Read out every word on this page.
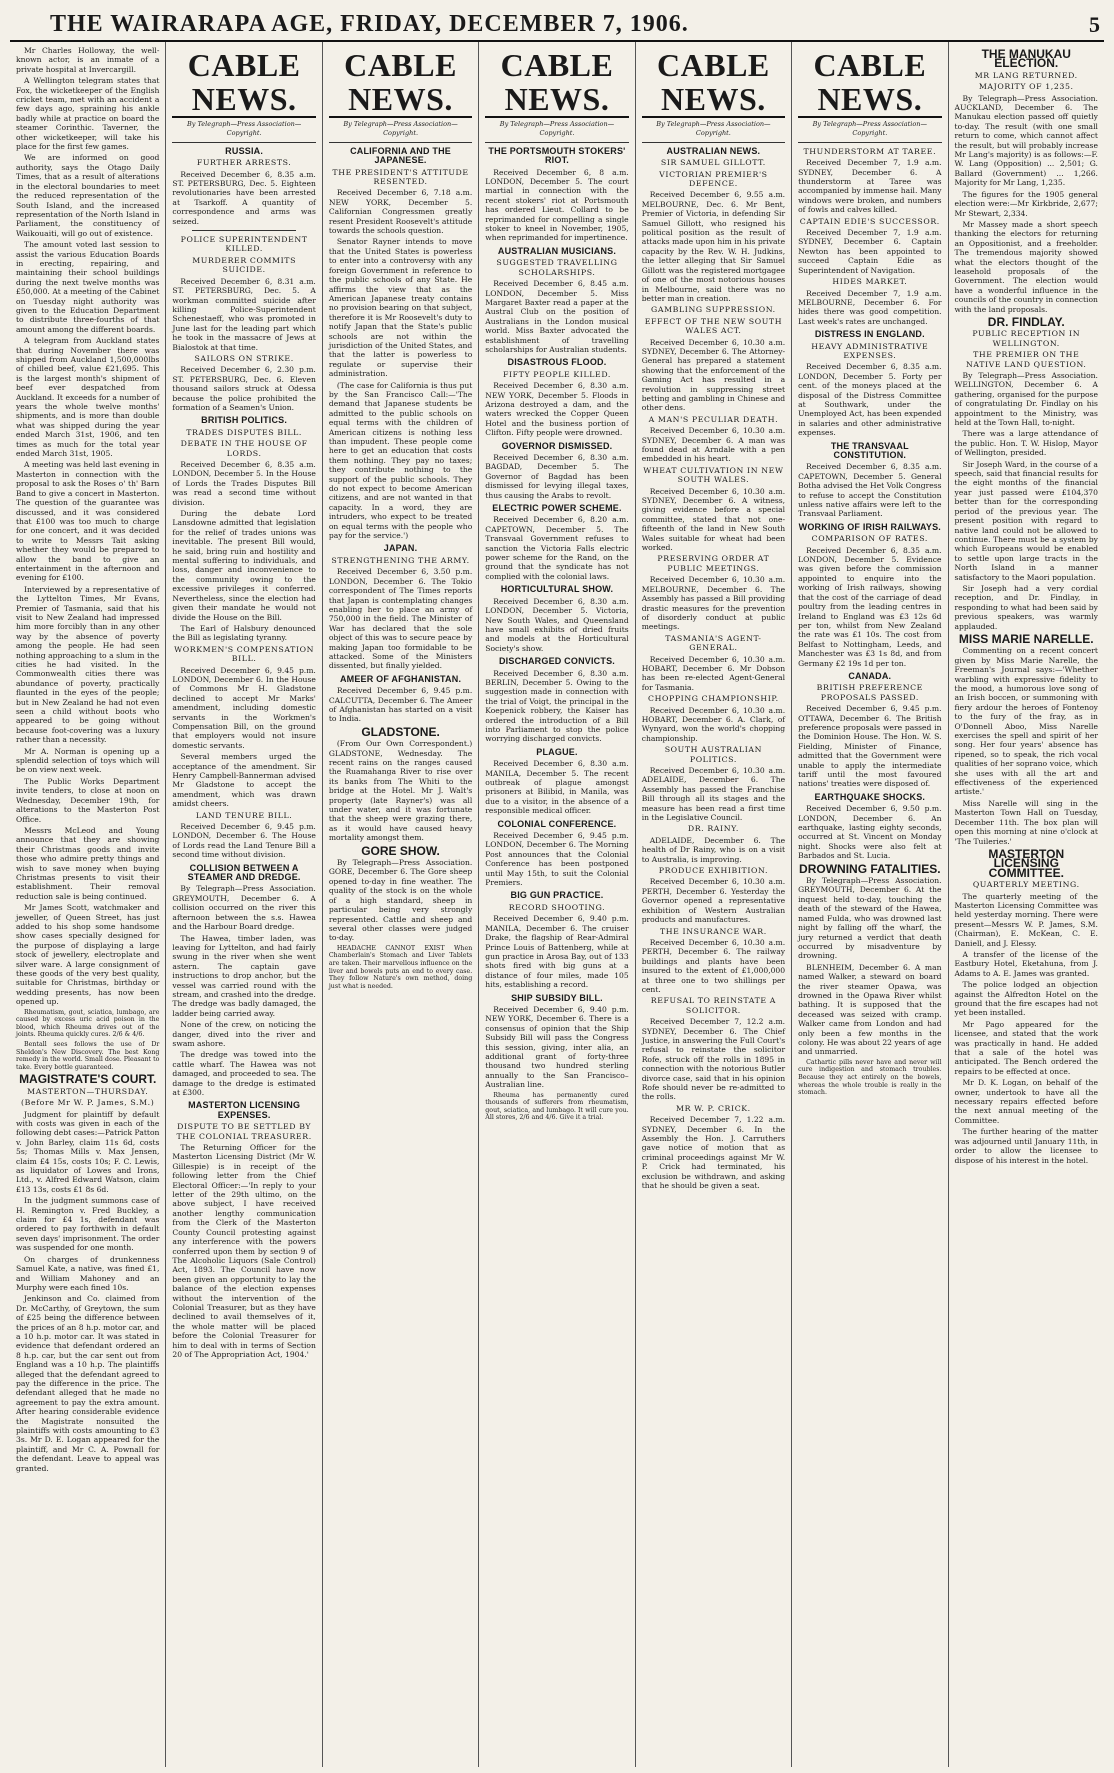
THE WAIRARAPA AGE, FRIDAY, DECEMBER 7, 1906.	5

Mr Charles Holloway, the well-known actor, is an inmate of a private hospital at Invercargill.

A Wellington telegram states that Fox, the wicketkeeper of the English cricket team, met with an accident a few days ago, spraining his ankle badly while at practice on board the steamer Corinthic. Taverner, the other wicketkeeper, will take his place for the first few games.

We are informed on good authority, says the Otago Daily Times, that as a result of alterations in the electoral boundaries to meet the reduced representation of the South Island, and the increased representation of the North Island in Parliament, the constituency of Waikouaiti, will go out of existence.

The amount voted last session to assist the various Education Boards in erecting, repairing, and maintaining their school buildings during the next twelve months was £50,000. At a meeting of the Cabinet on Tuesday night authority was given to the Education Department to distribute three-fourths of that amount among the different boards.

A telegram from Auckland states that during November there was shipped from Auckland 1,500,000lbs of chilled beef, value £21,695. This is the largest month's shipment of beef ever despatched from Auckland. It exceeds for a number of years the whole twelve months' shipments, and is more than double what was shipped during the year ended March 31st, 1906, and ten times as much for the total year ended March 31st, 1905.

A meeting was held last evening in Masterton in connection with the proposal to ask the Roses o' th' Barn Band to give a concert in Masterton. The question of the guarantee was discussed, and it was considered that £100 was too much to charge for one concert, and it was decided to write to Messrs Tait asking whether they would be prepared to allow the band to give an entertainment in the afternoon and evening for £100.

Interviewed by a representative of the Lyttelton Times, Mr Evans, Premier of Tasmania, said that his visit to New Zealand had impressed him more forcibly than in any other way by the absence of poverty among the people. He had seen nothing approaching to a slum in the cities he had visited. In the Commonwealth cities there was abundance of poverty, practically flaunted in the eyes of the people; but in New Zealand he had not even seen a child without boots who appeared to be going without because foot-covering was a luxury rather than a necessity.

Mr A. Norman is opening up a splendid selection of toys which will be on view next week.

The Public Works Department invite tenders, to close at noon on Wednesday, December 19th, for alterations to the Masterton Post Office.

Messrs McLeod and Young announce that they are showing their Christmas goods and invite those who admire pretty things and wish to save money when buying Christmas presents to visit their establishment. Their removal reduction sale is being continued.

Mr James Scott, watchmaker and jeweller, of Queen Street, has just added to his shop some handsome show cases specially designed for the purpose of displaying a large stock of jewellery, electroplate and silver ware. A large consignment of these goods of the very best quality, suitable for Christmas, birthday or wedding presents, has now been opened up.

Rheumatism, gout, sciatica, lumbago, are caused by excess uric acid poison in the blood, which Rheuma drives out of the joints. Rheuma quickly cures. 2/6 & 4/6.

Bentall sees follows the use of Dr Sheldon's New Discovery. The best Kong remedy in the world. Small dose. Pleasant to take. Every bottle guaranteed.

MAGISTRATE'S COURT.
MASTERTON—THURSDAY.
(Before Mr W. P. James, S.M.)

Judgment for plaintiff by default with costs was given in each of the following debt cases:—Patrick Patton v. John Barley, claim 11s 6d, costs 5s; Thomas Mills v. Max Jensen, claim £4 15s, costs 10s; F. C. Lewis, as liquidator of Lowes and Irons, Ltd., v. Alfred Edward Watson, claim £13 13s, costs £1 8s 6d.

In the judgment summons case of H. Remington v. Fred Buckley, a claim for £4 1s, defendant was ordered to pay forthwith in default seven days' imprisonment. The order was suspended for one month.

On charges of drunkenness Samuel Kate, a native, was fined £1, and William Mahoney and an Murphy were each fined 10s.

Jenkinson and Co. claimed from Dr. McCarthy, of Greytown, the sum of £25 being the difference between the prices of an 8 h.p. motor car, and a 10 h.p. motor car. It was stated in evidence that defendant ordered an 8 h.p. car, but the car sent out from England was a 10 h.p. The plaintiffs alleged that the defendant agreed to pay the difference in the price. The defendant alleged that he made no agreement to pay the extra amount. After hearing considerable evidence the Magistrate nonsuited the plaintiffs with costs amounting to £3 3s. Mr D. E. Logan appeared for the plaintiff, and Mr C. A. Pownall for the defendant. Leave to appeal was granted.

CABLE NEWS.
By Telegraph—Press Association—Copyright.
RUSSIA.
FURTHER ARRESTS.

Received December 6, 8.35 a.m. ST. PETERSBURG, Dec. 5. Eighteen revolutionaries have been arrested at Tsarkoff. A quantity of correspondence and arms was seized.

POLICE SUPERINTENDENT KILLED.
MURDERER COMMITS SUICIDE.

Received December 6, 8.31 a.m. ST. PETERSBURG, Dec. 5. A workman committed suicide after killing Police-Superintendent Schenestaeff, who was promoted in June last for the leading part which he took in the massacre of Jews at Bialostok at that time.

SAILORS ON STRIKE.

Received December 6, 2.30 p.m. ST. PETERSBURG, Dec. 6. Eleven thousand sailors struck at Odessa because the police prohibited the formation of a Seamen's Union.

BRITISH POLITICS.
TRADES DISPUTES BILL.
DEBATE IN THE HOUSE OF LORDS.

Received December 6, 8.35 a.m. LONDON, December 5. In the House of Lords the Trades Disputes Bill was read a second time without division.

During the debate Lord Lansdowne admitted that legislation for the relief of trades unions was inevitable. The present Bill would, he said, bring ruin and hostility and mental suffering to individuals, and loss, danger and inconvenience to the community owing to the excessive privileges it conferred. Nevertheless, since the election had given their mandate he would not divide the House on the Bill.

The Earl of Halsbury denounced the Bill as legislating tyranny.

WORKMEN'S COMPENSATION BILL.

Received December 6, 9.45 p.m. LONDON, December 6. In the House of Commons Mr H. Gladstone declined to accept Mr Marks' amendment, including domestic servants in the Workmen's Compensation Bill, on the ground that employers would not insure domestic servants.

Several members urged the acceptance of the amendment. Sir Henry Campbell-Bannerman advised Mr Gladstone to accept the amendment, which was drawn amidst cheers.

LAND TENURE BILL.

Received December 6, 9.45 p.m. LONDON, December 6. The House of Lords read the Land Tenure Bill a second time without division.

COLLISION BETWEEN A STEAMER AND DREDGE.

By Telegraph—Press Association. GREYMOUTH, December 6. A collision occurred on the river this afternoon between the s.s. Hawea and the Harbour Board dredge.

The Hawea, timber laden, was leaving for Lyttelton, and had fairly swung in the river when she went astern. The captain gave instructions to drop anchor, but the vessel was carried round with the stream, and crashed into the dredge. The dredge was badly damaged, the ladder being carried away.

None of the crew, on noticing the danger, dived into the river and swam ashore.

The dredge was towed into the cattle wharf. The Hawea was not damaged, and proceeded to sea. The damage to the dredge is estimated at £300.

MASTERTON LICENSING EXPENSES.
DISPUTE TO BE SETTLED BY THE COLONIAL TREASURER.

The Returning Officer for the Masterton Licensing District (Mr W. Gillespie) is in receipt of the following letter from the Chief Electoral Officer:—'In reply to your letter of the 29th ultimo, on the above subject, I have received another lengthy communication from the Clerk of the Masterton County Council protesting against any interference with the powers conferred upon them by section 9 of The Alcoholic Liquors (Sale Control) Act, 1893. The Council have now been given an opportunity to lay the balance of the election expenses without the intervention of the Colonial Treasurer, but as they have declined to avail themselves of it, the whole matter will be placed before the Colonial Treasurer for him to deal with in terms of Section 20 of The Appropriation Act, 1904.'

CABLE NEWS.
By Telegraph—Press Association—Copyright.
CALIFORNIA AND THE JAPANESE.
THE PRESIDENT'S ATTITUDE RESENTED.

Received December 6, 7.18 a.m. NEW YORK, December 5. Californian Congressmen greatly resent President Roosevelt's attitude towards the schools question.

Senator Rayner intends to move that the United States is powerless to enter into a controversy with any foreign Government in reference to the public schools of any State. He affirms the view that as the American Japanese treaty contains no provision bearing on that subject, therefore it is Mr Roosevelt's duty to notify Japan that the State's public schools are not within the jurisdiction of the United States, and that the latter is powerless to regulate or supervise their administration.

(The case for California is thus put by the San Francisco Call:—'The demand that Japanese students be admitted to the public schools on equal terms with the children of American citizens is nothing less than impudent. These people come here to get an education that costs them nothing. They pay no taxes; they contribute nothing to the support of the public schools. They do not expect to become American citizens, and are not wanted in that capacity. In a word, they are intruders, who expect to be treated on equal terms with the people who pay for the service.')

JAPAN.
STRENGTHENING THE ARMY.

Received December 6, 3.50 p.m. LONDON, December 6. The Tokio correspondent of The Times reports that Japan is contemplating changes enabling her to place an army of 750,000 in the field. The Minister of War has declared that the sole object of this was to secure peace by making Japan too formidable to be attacked. Some of the Ministers dissented, but finally yielded.

AMEER OF AFGHANISTAN.

Received December 6, 9.45 p.m. CALCUTTA, December 6. The Ameer of Afghanistan has started on a visit to India.

GLADSTONE.

(From Our Own Correspondent.) GLADSTONE, Wednesday. The recent rains on the ranges caused the Ruamahanga River to rise over its banks from The Whiti to the bridge at the Hotel. Mr J. Walt's property (late Rayner's) was all under water, and it was fortunate that the sheep were grazing there, as it would have caused heavy mortality amongst them.

GORE SHOW.

By Telegraph—Press Association. GORE, December 6. The Gore sheep opened to-day in fine weather. The quality of the stock is on the whole of a high standard, sheep in particular being very strongly represented. Cattle and sheep and several other classes were judged to-day.

HEADACHE CANNOT EXIST When Chamberlain's Stomach and Liver Tablets are taken. Their marvellous influence on the liver and bowels puts an end to every case. They follow Nature's own method, doing just what is needed.

CABLE NEWS.
By Telegraph—Press Association—Copyright.
THE PORTSMOUTH STOKERS' RIOT.

Received December 6, 8 a.m. LONDON, December 5. The court martial in connection with the recent stokers' riot at Portsmouth has ordered Lieut. Collard to be reprimanded for compelling a single stoker to kneel in November, 1905, when reprimanded for impertinence.

AUSTRALIAN MUSICIANS.
SUGGESTED TRAVELLING SCHOLARSHIPS.

Received December 6, 8.45 a.m. LONDON, December 5. Miss Margaret Baxter read a paper at the Austral Club on the position of Australians in the London musical world. Miss Baxter advocated the establishment of travelling scholarships for Australian students.

DISASTROUS FLOOD.
FIFTY PEOPLE KILLED.

Received December 6, 8.30 a.m. NEW YORK, December 5. Floods in Arizona destroyed a dam, and the waters wrecked the Copper Queen Hotel and the business portion of Clifton. Fifty people were drowned.

GOVERNOR DISMISSED.

Received December 6, 8.30 a.m. BAGDAD, December 5. The Governor of Bagdad has been dismissed for levying illegal taxes, thus causing the Arabs to revolt.

ELECTRIC POWER SCHEME.

Received December 6, 8.20 a.m. CAPETOWN, December 5. The Transvaal Government refuses to sanction the Victoria Falls electric power scheme for the Rand, on the ground that the syndicate has not complied with the colonial laws.

HORTICULTURAL SHOW.

Received December 6, 8.30 a.m. LONDON, December 5. Victoria, New South Wales, and Queensland have small exhibits of dried fruits and models at the Horticultural Society's show.

DISCHARGED CONVICTS.

Received December 6, 8.30 a.m. BERLIN, December 5. Owing to the suggestion made in connection with the trial of Voigt, the principal in the Koepenick robbery, the Kaiser has ordered the introduction of a Bill into Parliament to stop the police worrying discharged convicts.

PLAGUE.

Received December 6, 8.30 a.m. MANILA, December 5. The recent outbreak of plague amongst prisoners at Bilibid, in Manila, was due to a visitor, in the absence of a responsible medical officer.

COLONIAL CONFERENCE.

Received December 6, 9.45 p.m. LONDON, December 6. The Morning Post announces that the Colonial Conference has been postponed until May 15th, to suit the Colonial Premiers.

BIG GUN PRACTICE.
RECORD SHOOTING.

Received December 6, 9.40 p.m. MANILA, December 6. The cruiser Drake, the flagship of Rear-Admiral Prince Louis of Battenberg, while at gun practice in Arosa Bay, out of 133 shots fired with big guns at a distance of four miles, made 105 hits, establishing a record.

SHIP SUBSIDY BILL.

Received December 6, 9.40 p.m. NEW YORK, December 6. There is a consensus of opinion that the Ship Subsidy Bill will pass the Congress this session, giving, inter alia, an additional grant of forty-three thousand two hundred sterling annually to the San Francisco–Australian line.

Rheuma has permanently cured thousands of sufferers from rheumatism, gout, sciatica, and lumbago. It will cure you. All stores, 2/6 and 4/6. Give it a trial.

CABLE NEWS.
By Telegraph—Press Association—Copyright.
AUSTRALIAN NEWS.
SIR SAMUEL GILLOTT.
VICTORIAN PREMIER'S DEFENCE.

Received December 6, 9.55 a.m. MELBOURNE, Dec. 6. Mr Bent, Premier of Victoria, in defending Sir Samuel Gillott, who resigned his political position as the result of attacks made upon him in his private capacity by the Rev. W. H. Judkins, the letter alleging that Sir Samuel Gillott was the registered mortgagee of one of the most notorious houses in Melbourne, said there was no better man in creation.

GAMBLING SUPPRESSION.
EFFECT OF THE NEW SOUTH WALES ACT.

Received December 6, 10.30 a.m. SYDNEY, December 6. The Attorney-General has prepared a statement showing that the enforcement of the Gaming Act has resulted in a revolution in suppressing street betting and gambling in Chinese and other dens.

A MAN'S PECULIAR DEATH.

Received December 6, 10.30 a.m. SYDNEY, December 6. A man was found dead at Arndale with a pen embedded in his heart.

WHEAT CULTIVATION IN NEW SOUTH WALES.

Received December 6, 10.30 a.m. SYDNEY, December 6. A witness, giving evidence before a special committee, stated that not one-fifteenth of the land in New South Wales suitable for wheat had been worked.

PRESERVING ORDER AT PUBLIC MEETINGS.

Received December 6, 10.30 a.m. MELBOURNE, December 6. The Assembly has passed a Bill providing drastic measures for the prevention of disorderly conduct at public meetings.

TASMANIA'S AGENT-GENERAL.

Received December 6, 10.30 a.m. HOBART, December 6. Mr Dobson has been re-elected Agent-General for Tasmania.

CHOPPING CHAMPIONSHIP.

Received December 6, 10.30 a.m. HOBART, December 6. A. Clark, of Wynyard, won the world's chopping championship.

SOUTH AUSTRALIAN POLITICS.

Received December 6, 10.30 a.m. ADELAIDE, December 6. The Assembly has passed the Franchise Bill through all its stages and the measure has been read a first time in the Legislative Council.

DR. RAINY.

ADELAIDE, December 6. The health of Dr Rainy, who is on a visit to Australia, is improving.

PRODUCE EXHIBITION.

Received December 6, 10.30 a.m. PERTH, December 6. Yesterday the Governor opened a representative exhibition of Western Australian products and manufactures.

THE INSURANCE WAR.

Received December 6, 10.30 a.m. PERTH, December 6. The railway buildings and plants have been insured to the extent of £1,000,000 at three one to two shillings per cent.

REFUSAL TO REINSTATE A SOLICITOR.

Received December 7, 12.2 a.m. SYDNEY, December 6. The Chief Justice, in answering the Full Court's refusal to reinstate the solicitor Rofe, struck off the rolls in 1895 in connection with the notorious Butler divorce case, said that in his opinion Rofe should never be re-admitted to the rolls.

MR W. P. CRICK.

Received December 7, 1.22 a.m. SYDNEY, December 6. In the Assembly the Hon. J. Carruthers gave notice of motion that as criminal proceedings against Mr W. P. Crick had terminated, his exclusion be withdrawn, and asking that he should be given a seat.

CABLE NEWS.
By Telegraph—Press Association—Copyright.
THUNDERSTORM AT TAREE.

Received December 7, 1.9 a.m. SYDNEY, December 6. A thunderstorm at Taree was accompanied by immense hail. Many windows were broken, and numbers of fowls and calves killed.

CAPTAIN EDIE'S SUCCESSOR.

Received December 7, 1.9 a.m. SYDNEY, December 6. Captain Newton has been appointed to succeed Captain Edie as Superintendent of Navigation.

HIDES MARKET.

Received December 7, 1.9 a.m. MELBOURNE, December 6. For hides there was good competition. Last week's rates are unchanged.

DISTRESS IN ENGLAND.
HEAVY ADMINISTRATIVE EXPENSES.

Received December 6, 8.35 a.m. LONDON, December 5. Forty per cent. of the moneys placed at the disposal of the Distress Committee at Southwark, under the Unemployed Act, has been expended in salaries and other administrative expenses.

THE TRANSVAAL CONSTITUTION.

Received December 6, 8.35 a.m. CAPETOWN, December 5. General Botha advised the Het Volk Congress to refuse to accept the Constitution unless native affairs were left to the Transvaal Parliament.

WORKING OF IRISH RAILWAYS.
COMPARISON OF RATES.

Received December 6, 8.35 a.m. LONDON, December 5. Evidence was given before the commission appointed to enquire into the working of Irish railways, showing that the cost of the carriage of dead poultry from the leading centres in Ireland to England was £3 12s 6d per ton, whilst from New Zealand the rate was £1 10s. The cost from Belfast to Nottingham, Leeds, and Manchester was £3 1s 8d, and from Germany £2 19s 1d per ton.

CANADA.
BRITISH PREFERENCE PROPOSALS PASSED.

Received December 6, 9.45 p.m. OTTAWA, December 6. The British preference proposals were passed in the Dominion House. The Hon. W. S. Fielding, Minister of Finance, admitted that the Government were unable to apply the intermediate tariff until the most favoured nations' treaties were disposed of.

EARTHQUAKE SHOCKS.

Received December 6, 9.50 p.m. LONDON, December 6. An earthquake, lasting eighty seconds, occurred at St. Vincent on Monday night. Shocks were also felt at Barbados and St. Lucia.

DROWNING FATALITIES.

By Telegraph—Press Association. GREYMOUTH, December 6. At the inquest held to-day, touching the death of the steward of the Hawea, named Fulda, who was drowned last night by falling off the wharf, the jury returned a verdict that death occurred by misadventure by drowning.

BLENHEIM, December 6. A man named Walker, a steward on board the river steamer Opawa, was drowned in the Opawa River whilst bathing. It is supposed that the deceased was seized with cramp. Walker came from London and had only been a few months in the colony. He was about 22 years of age and unmarried.

Cathartic pills never have and never will cure indigestion and stomach troubles. Because they act entirely on the bowels, whereas the whole trouble is really in the stomach.

THE MANUKAU ELECTION.
MR LANG RETURNED.
MAJORITY OF 1,235.

By Telegraph—Press Association. AUCKLAND, December 6. The Manukau election passed off quietly to-day. The result (with one small return to come, which cannot affect the result, but will probably increase Mr Lang's majority) is as follows:—F. W. Lang (Opposition) ... 2,501; G. Ballard (Government) ... 1,266. Majority for Mr Lang, 1,235.

The figures for the 1905 general election were:—Mr Kirkbride, 2,677; Mr Stewart, 2,334.

Mr Massey made a short speech thanking the electors for returning an Oppositionist, and a freeholder. The tremendous majority showed what the electors thought of the leasehold proposals of the Government. The election would have a wonderful influence in the councils of the country in connection with the land proposals.

DR. FINDLAY.
PUBLIC RECEPTION IN WELLINGTON.
THE PREMIER ON THE NATIVE LAND QUESTION.

By Telegraph—Press Association. WELLINGTON, December 6. A gathering, organised for the purpose of congratulating Dr. Findlay on his appointment to the Ministry, was held at the Town Hall, to-night.

There was a large attendance of the public. Hon. T. W. Hislop, Mayor of Wellington, presided.

Sir Joseph Ward, in the course of a speech, said that financial results for the eight months of the financial year just passed were £104,370 better than for the corresponding period of the previous year. The present position with regard to native land could not be allowed to continue. There must be a system by which Europeans would be enabled to settle upon large tracts in the North Island in a manner satisfactory to the Maori population.

Sir Joseph had a very cordial reception, and Dr. Findlay, in responding to what had been said by previous speakers, was warmly applauded.

MISS MARIE NARELLE.

Commenting on a recent concert given by Miss Marie Narelle, the Freeman's Journal says:—'Whether warbling with expressive fidelity to the mood, a humorous love song of an Irish boccen, or summoning with fiery ardour the heroes of Fontenoy to the fury of the fray, as in O'Donnell Aboo, Miss Narelle exercises the spell and spirit of her song. Her four years' absence has ripened, so to speak, the rich vocal qualities of her soprano voice, which she uses with all the art and effectiveness of the experienced artiste.'

Miss Narelle will sing in the Masterton Town Hall on Tuesday, December 11th. The box plan will open this morning at nine o'clock at 'The Tuileries.'

MASTERTON LICENSING COMMITTEE.
QUARTERLY MEETING.

The quarterly meeting of the Masterton Licensing Committee was held yesterday morning. There were present—Messrs W. P. James, S.M. (Chairman), E. McKean, C. E. Daniell, and J. Elessy.

A transfer of the license of the Eastbury Hotel, Eketahuna, from J. Adams to A. E. James was granted.

The police lodged an objection against the Alfredton Hotel on the ground that the fire escapes had not yet been installed.

Mr Pago appeared for the licensee, and stated that the work was practically in hand. He added that a sale of the hotel was anticipated. The Bench ordered the repairs to be effected at once.

Mr D. K. Logan, on behalf of the owner, undertook to have all the necessary repairs effected before the next annual meeting of the Committee.

The further hearing of the matter was adjourned until January 11th, in order to allow the licensee to dispose of his interest in the hotel.
